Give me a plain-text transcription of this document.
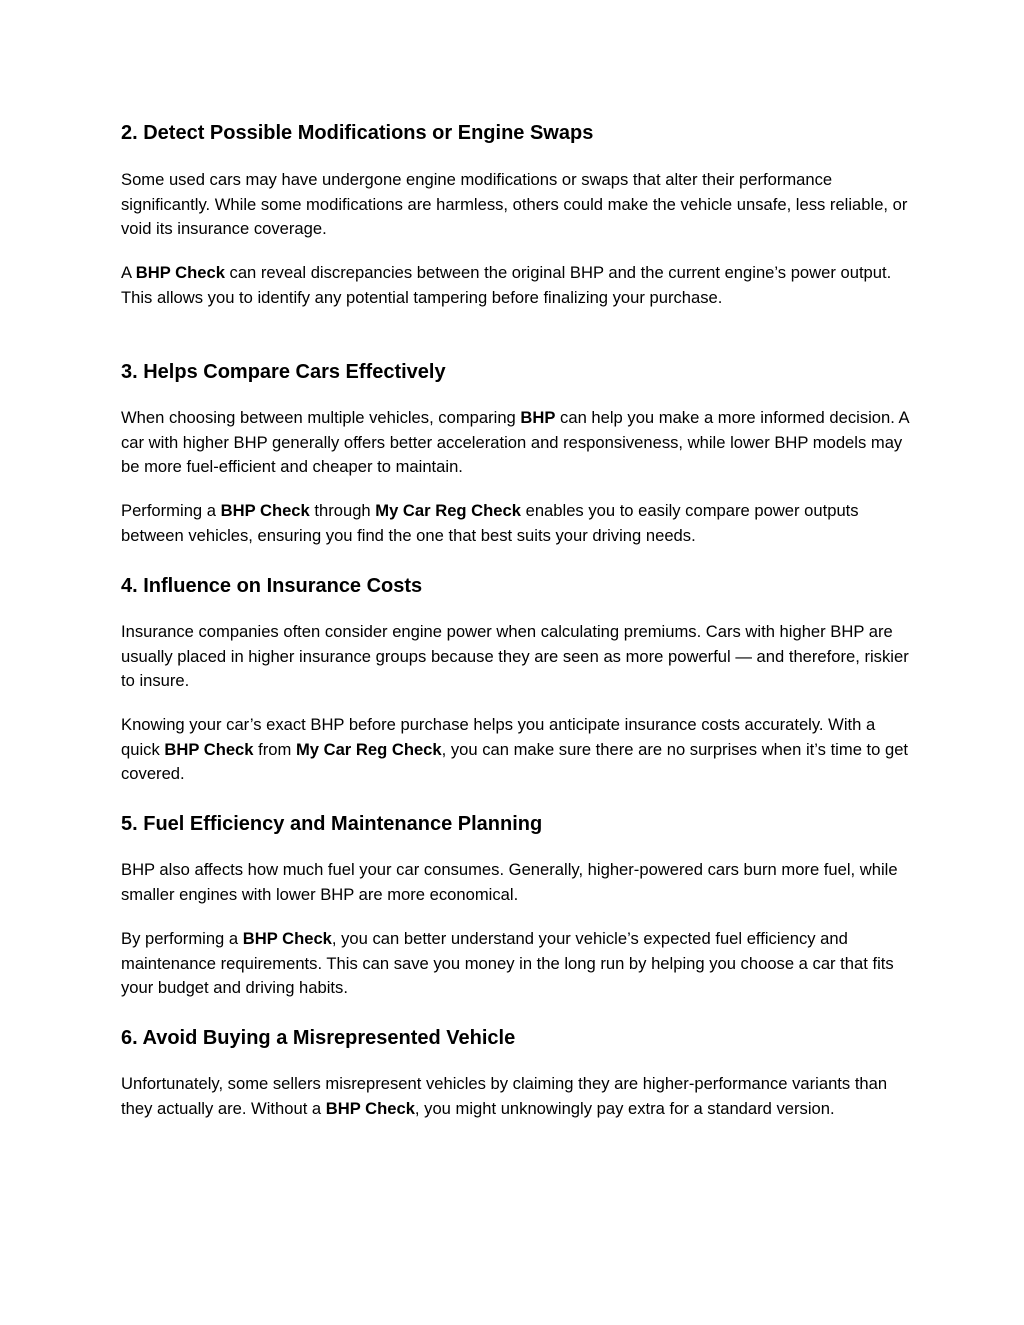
2. Detect Possible Modifications or Engine Swaps

Some used cars may have undergone engine modifications or swaps that alter their performance significantly. While some modifications are harmless, others could make the vehicle unsafe, less reliable, or void its insurance coverage.

A BHP Check can reveal discrepancies between the original BHP and the current engine’s power output. This allows you to identify any potential tampering before finalizing your purchase.

3. Helps Compare Cars Effectively

When choosing between multiple vehicles, comparing BHP can help you make a more informed decision. A car with higher BHP generally offers better acceleration and responsiveness, while lower BHP models may be more fuel-efficient and cheaper to maintain.

Performing a BHP Check through My Car Reg Check enables you to easily compare power outputs between vehicles, ensuring you find the one that best suits your driving needs.

4. Influence on Insurance Costs

Insurance companies often consider engine power when calculating premiums. Cars with higher BHP are usually placed in higher insurance groups because they are seen as more powerful — and therefore, riskier to insure.

Knowing your car’s exact BHP before purchase helps you anticipate insurance costs accurately. With a quick BHP Check from My Car Reg Check, you can make sure there are no surprises when it’s time to get covered.

5. Fuel Efficiency and Maintenance Planning

BHP also affects how much fuel your car consumes. Generally, higher-powered cars burn more fuel, while smaller engines with lower BHP are more economical.

By performing a BHP Check, you can better understand your vehicle’s expected fuel efficiency and maintenance requirements. This can save you money in the long run by helping you choose a car that fits your budget and driving habits.

6. Avoid Buying a Misrepresented Vehicle

Unfortunately, some sellers misrepresent vehicles by claiming they are higher-performance variants than they actually are. Without a BHP Check, you might unknowingly pay extra for a standard version.
